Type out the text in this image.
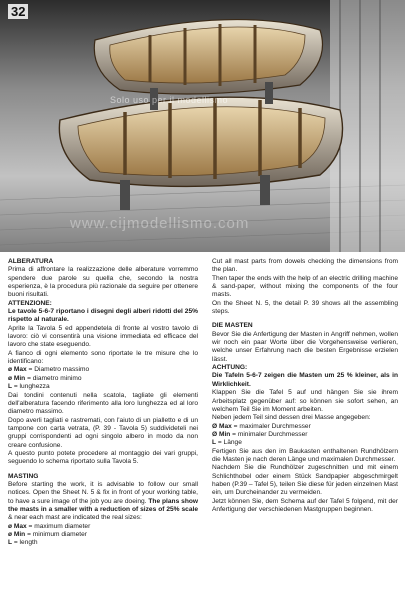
32
Solo uso per il modellismo
www.cijmodellismo.com

ALBERATURA

Prima di affrontare la realizzazione delle alberature vorremmo spendere due parole su quella che, secondo la nostra esperienza, è la procedura più razionale da seguire per ottenere buoni risultati.

ATTENZIONE:

Le tavole 5-6-7 riportano i disegni degli alberi ridotti del 25% rispetto al naturale.

Aprite la Tavola 5 ed appendetela di fronte al vostro tavolo di lavoro: ciò vi consentirà una visione immediata ed efficace del lavoro che state eseguendo.

A fianco di ogni elemento sono riportate le tre misure che lo identificano:

ø Max = Diametro massimo

ø Min = diametro minimo

L = lunghezza

Dai tondini contenuti nella scatola, tagliate gli elementi dell'alberatura facendo riferimento alla loro lunghezza ed al loro diametro massimo.

Dopo averli tagliati e rastremati, con l'aiuto di un pialletto e di un tampone con carta vetrata, (P. 39 - Tavola 5) suddivideteli nei gruppi corrispondenti ad ogni singolo albero in modo da non creare confusione.

A questo punto potete procedere al montaggio dei vari gruppi, seguendo lo schema riportato sulla Tavola 5.

MASTING

Before starting the work, it is advisable to follow our small notices. Open the Sheet N. 5 & fix in front of your working table, to have a sure image of the job you are doeing. The plans show the masts in a smaller with a reduction of sizes of 25% scale & near each mast are indicated the real sizes:

ø Max = maximum diameter

ø Min = minimum diameter

L = length

Cut all mast parts from dowels checking the dimensions from the plan.

Then taper the ends with the help of an electric drilling machine & sand-paper, without mixing the components of the four masts.

On the Sheet N. 5, the detail P. 39 shows all the assembling steps.

DIE MASTEN

Bevor Sie die Anfertigung der Masten in Angriff nehmen, wollen wir noch ein paar Worte über die Vorgehensweise verlieren, welche unser Erfahrung nach die besten Ergebnisse erzielen lässt.

ACHTUNG:

Die Tafeln 5-6-7 zeigen die Masten um 25 % kleiner, als in Wirklichkeit.

Klappen Sie die Tafel 5 auf und hängen Sie sie ihrem Arbeitsplatz gegenüber auf: so können sie sofort sehen, an welchem Teil Sie im Moment arbeiten.

Neben jedem Teil sind dessen drei Masse angegeben:

Ø Max = maximaler Durchmesser

Ø Min = minimaler Durchmesser

L = Länge

Fertigen Sie aus den im Baukasten enthaltenen Rundhölzern die Masten je nach deren Länge und maximalen Durchmesser.

Nachdem Sie die Rundhölzer zugeschnitten und mit einem Schlichthobel oder einem Stück Sandpapier abgeschmirgelt haben (P.39 – Tafel 5), teilen Sie diese für jeden einzelnen Mast ein, um Durcheinander zu vermeiden.

Jetzt können Sie, dem Schema auf der Tafel 5 folgend, mit der Anfertigung der verschiedenen Mastgruppen beginnen.
